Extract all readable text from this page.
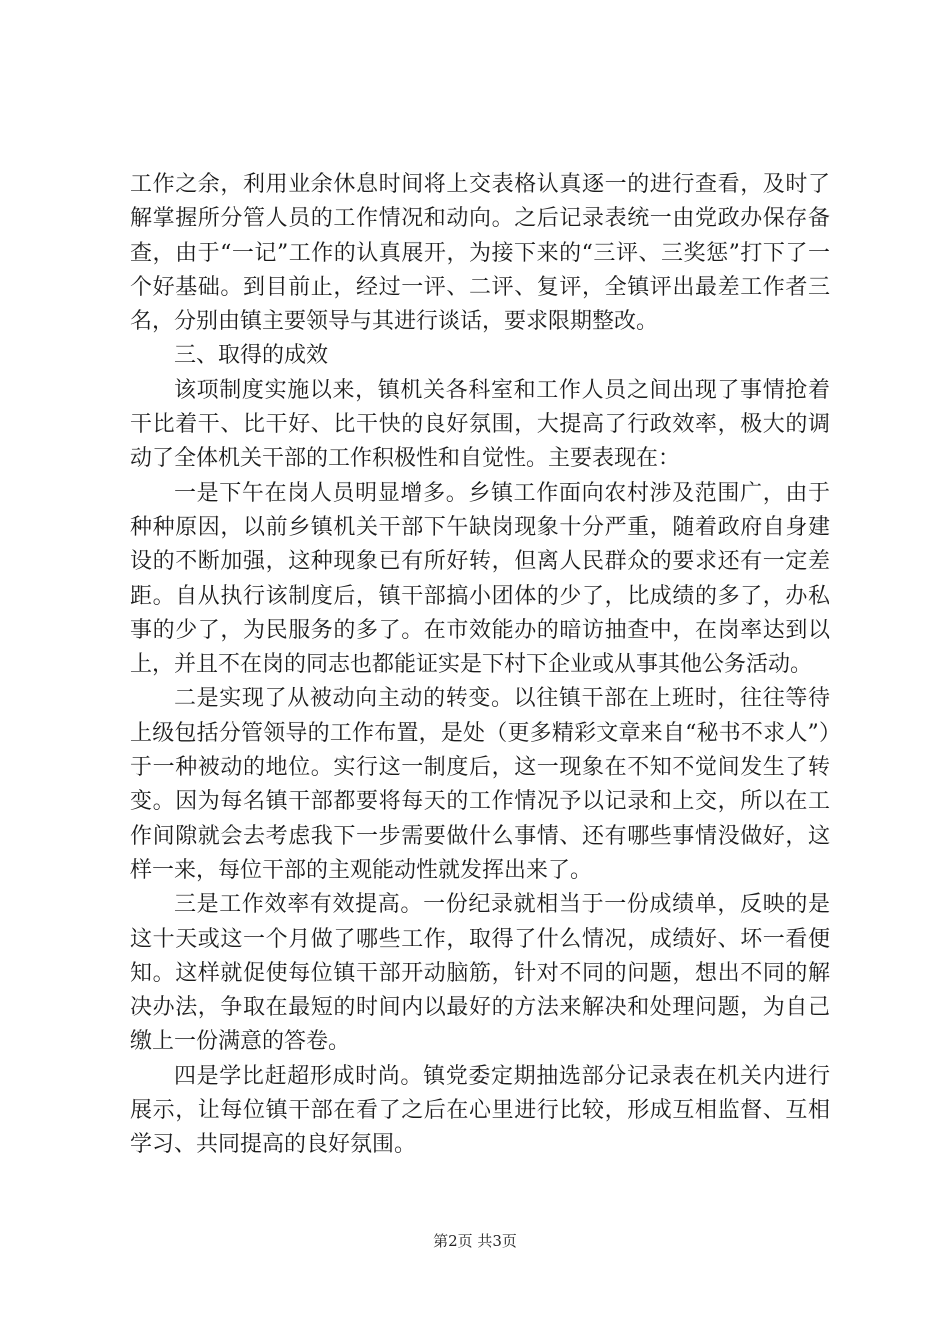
工作之余，利用业余休息时间将上交表格认真逐一的进行查看，及时了解掌握所分管人员的工作情况和动向。之后记录表统一由党政办保存备查，由于“一记”工作的认真展开，为接下来的“三评、三奖惩”打下了一个好基础。到目前止，经过一评、二评、复评，全镇评出最差工作者三名，分别由镇主要领导与其进行谈话，要求限期整改。

三、取得的成效

该项制度实施以来，镇机关各科室和工作人员之间出现了事情抢着干比着干、比干好、比干快的良好氛围，大提高了行政效率，极大的调动了全体机关干部的工作积极性和自觉性。主要表现在：

一是下午在岗人员明显增多。乡镇工作面向农村涉及范围广，由于种种原因，以前乡镇机关干部下午缺岗现象十分严重，随着政府自身建设的不断加强，这种现象已有所好转，但离人民群众的要求还有一定差距。自从执行该制度后，镇干部搞小团体的少了，比成绩的多了，办私事的少了，为民服务的多了。在市效能办的暗访抽查中，在岗率达到以上，并且不在岗的同志也都能证实是下村下企业或从事其他公务活动。

二是实现了从被动向主动的转变。以往镇干部在上班时，往往等待上级包括分管领导的工作布置，是处（更多精彩文章来自“秘书不求人”）于一种被动的地位。实行这一制度后，这一现象在不知不觉间发生了转变。因为每名镇干部都要将每天的工作情况予以记录和上交，所以在工作间隙就会去考虑我下一步需要做什么事情、还有哪些事情没做好，这样一来，每位干部的主观能动性就发挥出来了。

三是工作效率有效提高。一份纪录就相当于一份成绩单，反映的是这十天或这一个月做了哪些工作，取得了什么情况，成绩好、坏一看便知。这样就促使每位镇干部开动脑筋，针对不同的问题，想出不同的解决办法，争取在最短的时间内以最好的方法来解决和处理问题，为自己缴上一份满意的答卷。

四是学比赶超形成时尚。镇党委定期抽选部分记录表在机关内进行展示，让每位镇干部在看了之后在心里进行比较，形成互相监督、互相学习、共同提高的良好氛围。

第2页 共3页
